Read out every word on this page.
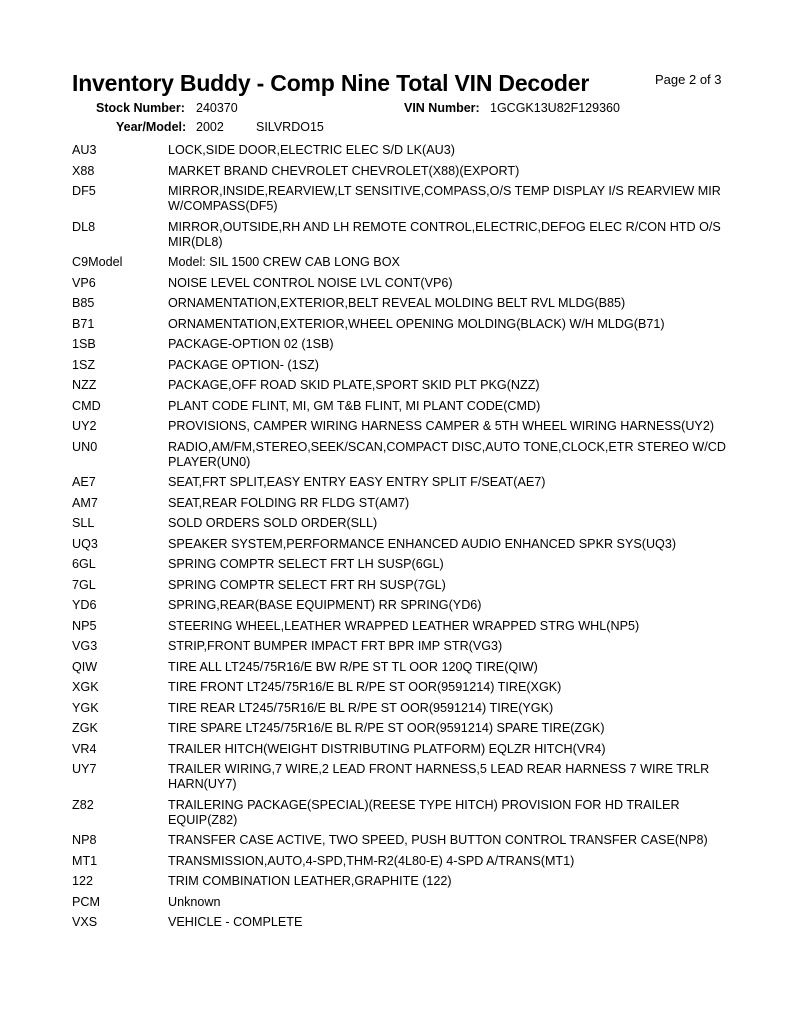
Inventory Buddy - Comp Nine Total VIN Decoder	Page 2 of 3
Stock Number: 240370	VIN Number: 1GCGK13U82F129360
Year/Model: 2002	SILVRDO15
AU3	LOCK,SIDE DOOR,ELECTRIC ELEC S/D LK(AU3)
X88	MARKET BRAND CHEVROLET CHEVROLET(X88)(EXPORT)
DF5	MIRROR,INSIDE,REARVIEW,LT SENSITIVE,COMPASS,O/S TEMP DISPLAY I/S REARVIEW MIR W/COMPASS(DF5)
DL8	MIRROR,OUTSIDE,RH AND LH REMOTE CONTROL,ELECTRIC,DEFOG ELEC R/CON HTD O/S MIR(DL8)
C9Model	Model: SIL 1500 CREW CAB LONG BOX
VP6	NOISE LEVEL CONTROL NOISE LVL CONT(VP6)
B85	ORNAMENTATION,EXTERIOR,BELT REVEAL MOLDING BELT RVL MLDG(B85)
B71	ORNAMENTATION,EXTERIOR,WHEEL OPENING MOLDING(BLACK) W/H MLDG(B71)
1SB	PACKAGE-OPTION 02 (1SB)
1SZ	PACKAGE OPTION- (1SZ)
NZZ	PACKAGE,OFF ROAD SKID PLATE,SPORT SKID PLT PKG(NZZ)
CMD	PLANT CODE FLINT, MI, GM T&B FLINT, MI PLANT CODE(CMD)
UY2	PROVISIONS, CAMPER WIRING HARNESS CAMPER & 5TH WHEEL WIRING HARNESS(UY2)
UN0	RADIO,AM/FM,STEREO,SEEK/SCAN,COMPACT DISC,AUTO TONE,CLOCK,ETR STEREO W/CD PLAYER(UN0)
AE7	SEAT,FRT SPLIT,EASY ENTRY EASY ENTRY SPLIT F/SEAT(AE7)
AM7	SEAT,REAR FOLDING RR FLDG ST(AM7)
SLL	SOLD ORDERS SOLD ORDER(SLL)
UQ3	SPEAKER SYSTEM,PERFORMANCE ENHANCED AUDIO ENHANCED SPKR SYS(UQ3)
6GL	SPRING COMPTR SELECT FRT LH SUSP(6GL)
7GL	SPRING COMPTR SELECT FRT RH SUSP(7GL)
YD6	SPRING,REAR(BASE EQUIPMENT) RR SPRING(YD6)
NP5	STEERING WHEEL,LEATHER WRAPPED LEATHER WRAPPED STRG WHL(NP5)
VG3	STRIP,FRONT BUMPER IMPACT FRT BPR IMP STR(VG3)
QIW	TIRE ALL LT245/75R16/E BW R/PE ST TL OOR 120Q TIRE(QIW)
XGK	TIRE FRONT LT245/75R16/E BL R/PE ST OOR(9591214) TIRE(XGK)
YGK	TIRE REAR LT245/75R16/E BL R/PE ST OOR(9591214) TIRE(YGK)
ZGK	TIRE SPARE LT245/75R16/E BL R/PE ST OOR(9591214) SPARE TIRE(ZGK)
VR4	TRAILER HITCH(WEIGHT DISTRIBUTING PLATFORM) EQLZR HITCH(VR4)
UY7	TRAILER WIRING,7 WIRE,2 LEAD FRONT HARNESS,5 LEAD REAR HARNESS 7 WIRE TRLR HARN(UY7)
Z82	TRAILERING PACKAGE(SPECIAL)(REESE TYPE HITCH) PROVISION FOR HD TRAILER EQUIP(Z82)
NP8	TRANSFER CASE ACTIVE, TWO SPEED, PUSH BUTTON CONTROL TRANSFER CASE(NP8)
MT1	TRANSMISSION,AUTO,4-SPD,THM-R2(4L80-E) 4-SPD A/TRANS(MT1)
122	TRIM COMBINATION LEATHER,GRAPHITE (122)
PCM	Unknown
VXS	VEHICLE - COMPLETE
